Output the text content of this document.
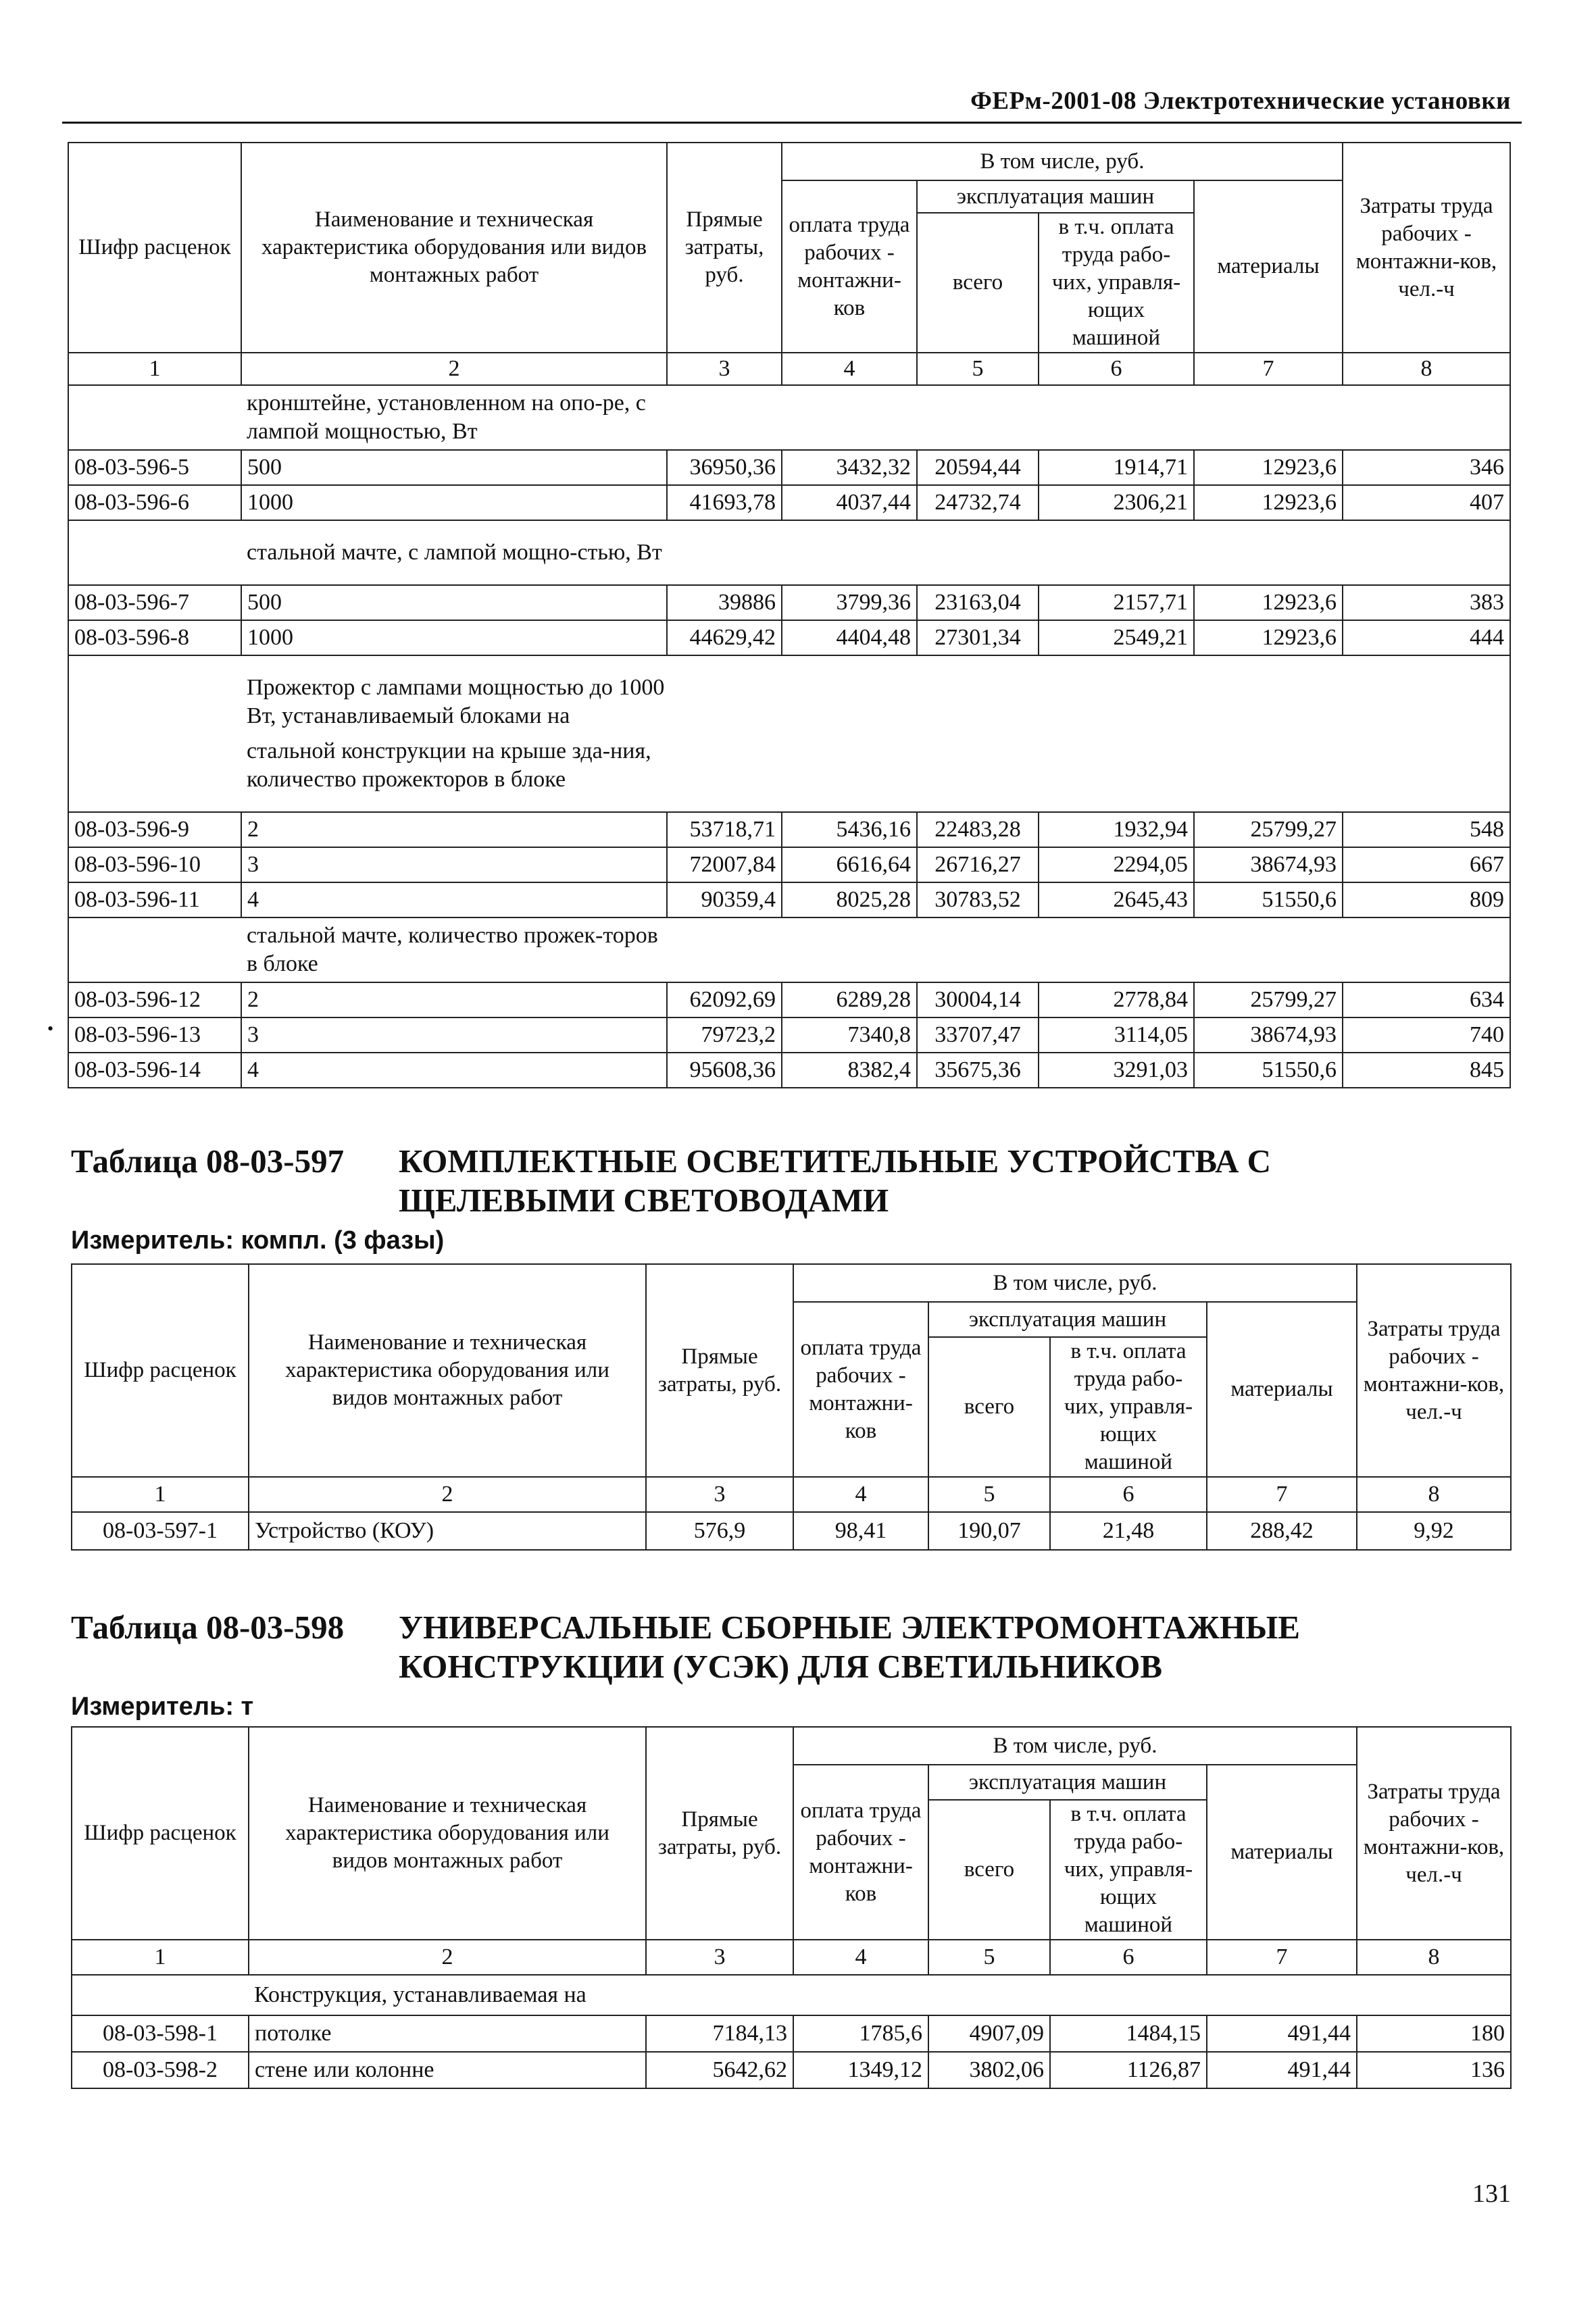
ФЕРм-2001-08 Электротехнические установки
Шифр расценок	Наименование и техническая характеристика оборудования или видов монтажных работ	Прямые затраты, руб.	В том числе, руб.				Затраты труда рабочих - монтажни-ков, чел.-ч
			оплата труда рабочих - монтажни-ков	эксплуатация машин		материалы	
				всего	в т.ч. оплата труда рабо-чих, управля-ющих машиной		
1	2	3	4	5	6	7	8

	кронштейне, установленном на опо-ре, с лампой мощностью, Вт						

08-03-596-5	500	36950,36	3432,32	20594,44	1914,71	12923,6	346
08-03-596-6	1000	41693,78	4037,44	24732,74	2306,21	12923,6	407

	стальной мачте, с лампой мощно-стью, Вт						

08-03-596-7	500	39886	3799,36	23163,04	2157,71	12923,6	383
08-03-596-8	1000	44629,42	4404,48	27301,34	2549,21	12923,6	444

	Прожектор с лампами мощностью до 1000 Вт, устанавливаемый блоками на
стальной конструкции на крыше зда-ния, количество прожекторов в блоке						

08-03-596-9	2	53718,71	5436,16	22483,28	1932,94	25799,27	548
08-03-596-10	3	72007,84	6616,64	26716,27	2294,05	38674,93	667
08-03-596-11	4	90359,4	8025,28	30783,52	2645,43	51550,6	809

	стальной мачте, количество прожек-торов в блоке						

08-03-596-12	2	62092,69	6289,28	30004,14	2778,84	25799,27	634
08-03-596-13	3	79723,2	7340,8	33707,47	3114,05	38674,93	740
08-03-596-14	4	95608,36	8382,4	35675,36	3291,03	51550,6	845
•
Таблица 08-03-597 КОМПЛЕКТНЫЕ ОСВЕТИТЕЛЬНЫЕ УСТРОЙСТВА С ЩЕЛЕВЫМИ СВЕТОВОДАМИ
Измеритель: компл. (3 фазы)
Шифр расценок	Наименование и техническая характеристика оборудования или видов монтажных работ	Прямые затраты, руб.	В том числе, руб.				Затраты труда рабочих - монтажни-ков, чел.-ч
			оплата труда рабочих - монтажни-ков	эксплуатация машин		материалы	
				всего	в т.ч. оплата труда рабо-чих, управля-ющих машиной		
1	2	3	4	5	6	7	8
08-03-597-1	Устройство (КОУ)	576,9	98,41	190,07	21,48	288,42	9,92
Таблица 08-03-598 УНИВЕРСАЛЬНЫЕ СБОРНЫЕ ЭЛЕКТРОМОНТАЖНЫЕ КОНСТРУКЦИИ (УСЭК) ДЛЯ СВЕТИЛЬНИКОВ
Измеритель: т
Шифр расценок	Наименование и техническая характеристика оборудования или видов монтажных работ	Прямые затраты, руб.	В том числе, руб.				Затраты труда рабочих - монтажни-ков, чел.-ч
			оплата труда рабочих - монтажни-ков	эксплуатация машин		материалы	
				всего	в т.ч. оплата труда рабо-чих, управля-ющих машиной		
1	2	3	4	5	6	7	8
	Конструкция, устанавливаемая на						
08-03-598-1	потолке	7184,13	1785,6	4907,09	1484,15	491,44	180
08-03-598-2	стене или колонне	5642,62	1349,12	3802,06	1126,87	491,44	136
131
